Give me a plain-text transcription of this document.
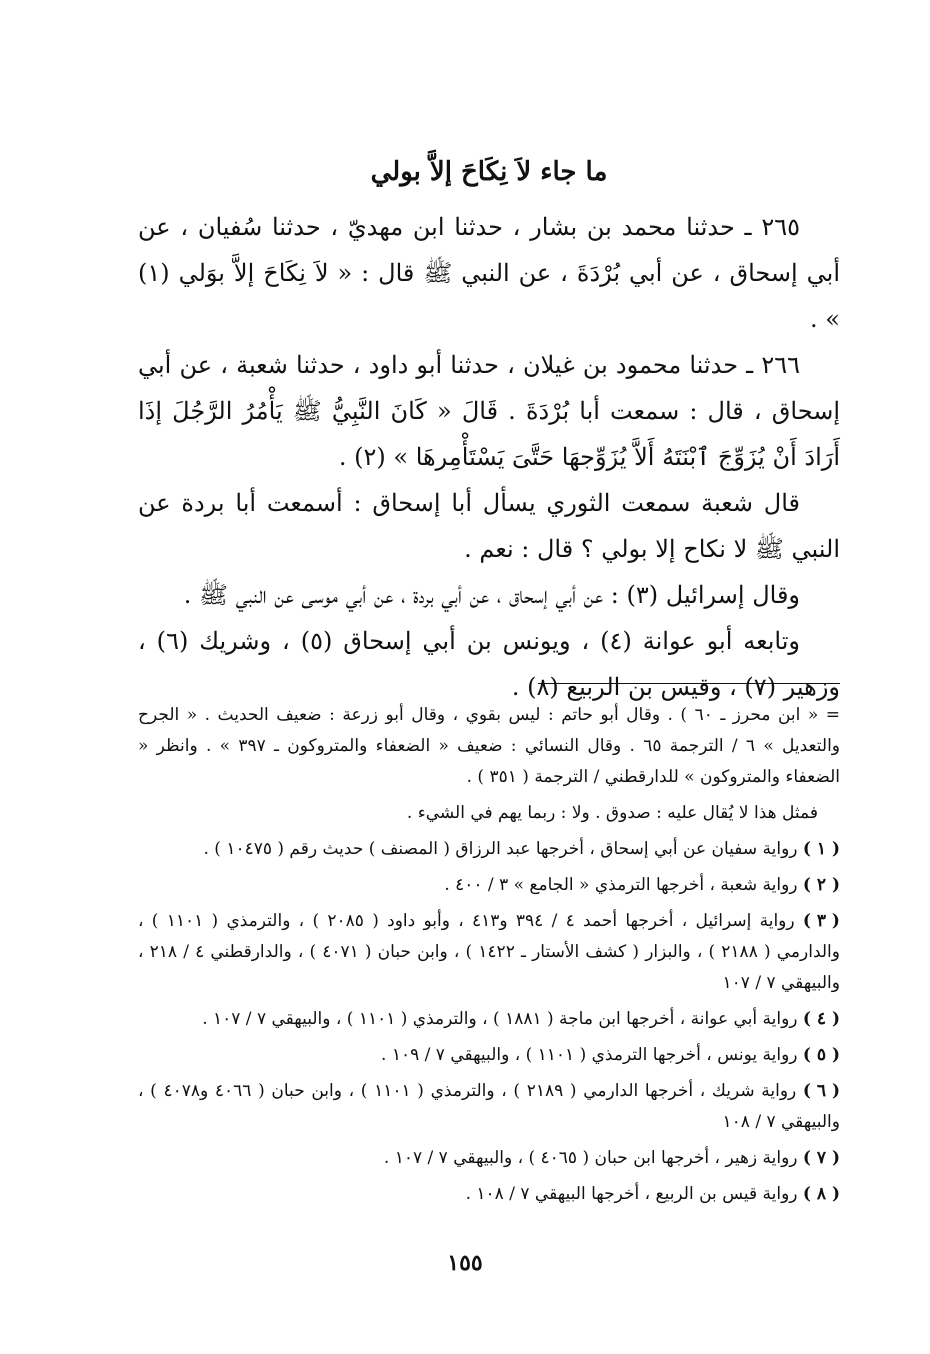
ما جاء لاَ نِكَاحَ إلاَّ بولي

٢٦٥ ـ حدثنا محمد بن بشار ، حدثنا ابن مهديّ ، حدثنا سُفيان ، عن أبي إسحاق ، عن أبي بُرْدَةَ ، عن النبي ﷺ قال : « لاَ نِكَاحَ إلاَّ بوَلي (١) » .

٢٦٦ ـ حدثنا محمود بن غيلان ، حدثنا أبو داود ، حدثنا شعبة ، عن أبي إسحاق ، قال : سمعت أبا بُرْدَةَ . قَالَ « كَانَ النَّبِيُّ ﷺ يَأْمُرُ الرَّجُلَ إذَا أَرَادَ أَنْ يُزَوِّجَ ٱبْنَتَهُ أَلاَّ يُزَوِّجهَا حَتَّىَ يَسْتَأْمِرهَا » (٢) .

قال شعبة سمعت الثوري يسأل أبا إسحاق : أسمعت أبا بردة عن النبي ﷺ لا نكاح إلا بولي ؟ قال : نعم .

وقال إسرائيل (٣) : عن أبي إسحاق ، عن أبي بردة ، عن أبي موسى عن النبي ﷺ .

وتابعه أبو عوانة (٤) ، ويونس بن أبي إسحاق (٥) ، وشريك (٦) ، وزهير (٧) ، وقيس بن الربيع (٨) .

= « ابن محرز ـ ٦٠ ) . وقال أبو حاتم : ليس بقوي ، وقال أبو زرعة : ضعيف الحديث . « الجرح والتعديل » ٦ / الترجمة ٦٥ . وقال النسائي : ضعيف « الضعفاء والمتروكون ـ ٣٩٧ » . وانظر « الضعفاء والمتروكون » للدارقطني / الترجمة ( ٣٥١ ) .

فمثل هذا لا يُقال عليه : صدوق . ولا : ربما يهم في الشيء .

( ١ ) رواية سفيان عن أبي إسحاق ، أخرجها عبد الرزاق ( المصنف ) حديث رقم ( ١٠٤٧٥ ) .

( ٢ ) رواية شعبة ، أخرجها الترمذي « الجامع » ٣ / ٤٠٠ .

( ٣ ) رواية إسرائيل ، أخرجها أحمد ٤ / ٣٩٤ و٤١٣ ، وأبو داود ( ٢٠٨٥ ) ، والترمذي ( ١١٠١ ) ، والدارمي ( ٢١٨٨ ) ، والبزار ( كشف الأستار ـ ١٤٢٢ ) ، وابن حبان ( ٤٠٧١ ) ، والدارقطني ٤ / ٢١٨ ، والبيهقي ٧ / ١٠٧

( ٤ ) رواية أبي عوانة ، أخرجها ابن ماجة ( ١٨٨١ ) ، والترمذي ( ١١٠١ ) ، والبيهقي ٧ / ١٠٧ .

( ٥ ) رواية يونس ، أخرجها الترمذي ( ١١٠١ ) ، والبيهقي ٧ / ١٠٩ .

( ٦ ) رواية شريك ، أخرجها الدارمي ( ٢١٨٩ ) ، والترمذي ( ١١٠١ ) ، وابن حبان ( ٤٠٦٦ و٤٠٧٨ ) ، والبيهقي ٧ / ١٠٨

( ٧ ) رواية زهير ، أخرجها ابن حبان ( ٤٠٦٥ ) ، والبيهقي ٧ / ١٠٧ .

( ٨ ) رواية قيس بن الربيع ، أخرجها البيهقي ٧ / ١٠٨ .

١٥٥
